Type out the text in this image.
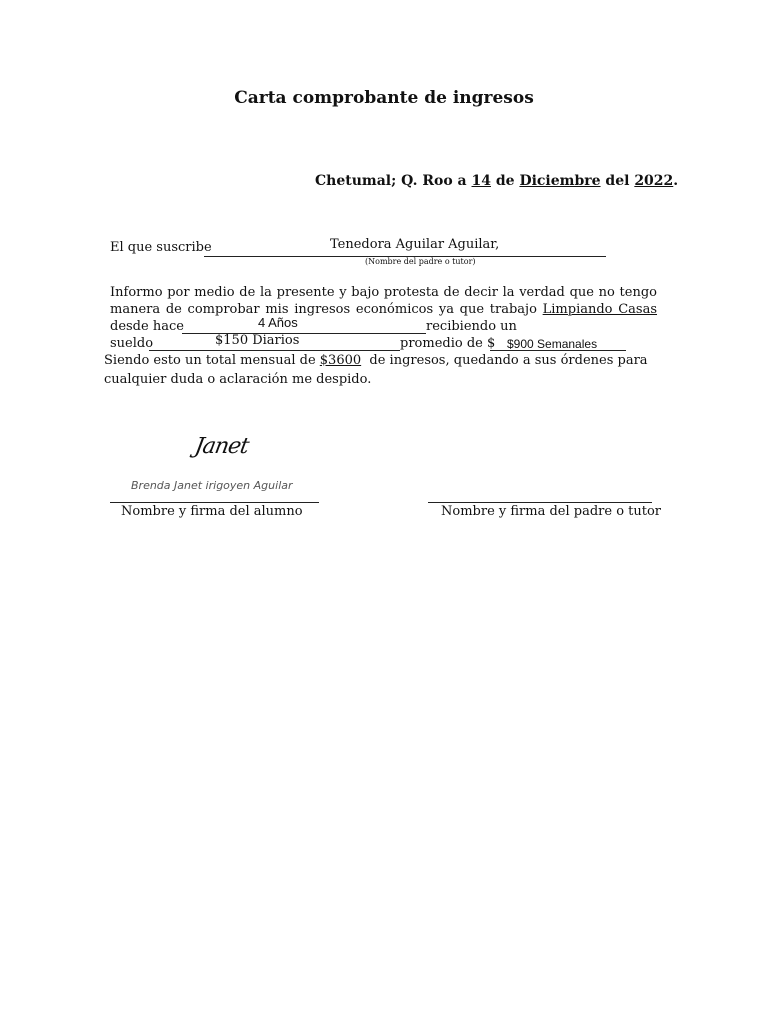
Carta comprobante de ingresos
Chetumal; Q. Roo a 14 de Diciembre del 2022.
El que suscribe	Tenedora Aguilar Aguilar,
(Nombre del padre o tutor)
Informo por medio de la presente y bajo protesta de decir la verdad que no tengo
manera de comprobar mis ingresos económicos ya que trabajo Limpiando Casas
desde hace	4 Años	recibiendo un
sueldo	$150 Diarios	promedio de $ $900 Semanales
Siendo esto un total mensual de $3600  de ingresos, quedando a sus órdenes para
cualquier duda o aclaración me despido.
Janet
Brenda Janet irigoyen Aguilar
Nombre y firma del alumno	Nombre y firma del padre o tutor
